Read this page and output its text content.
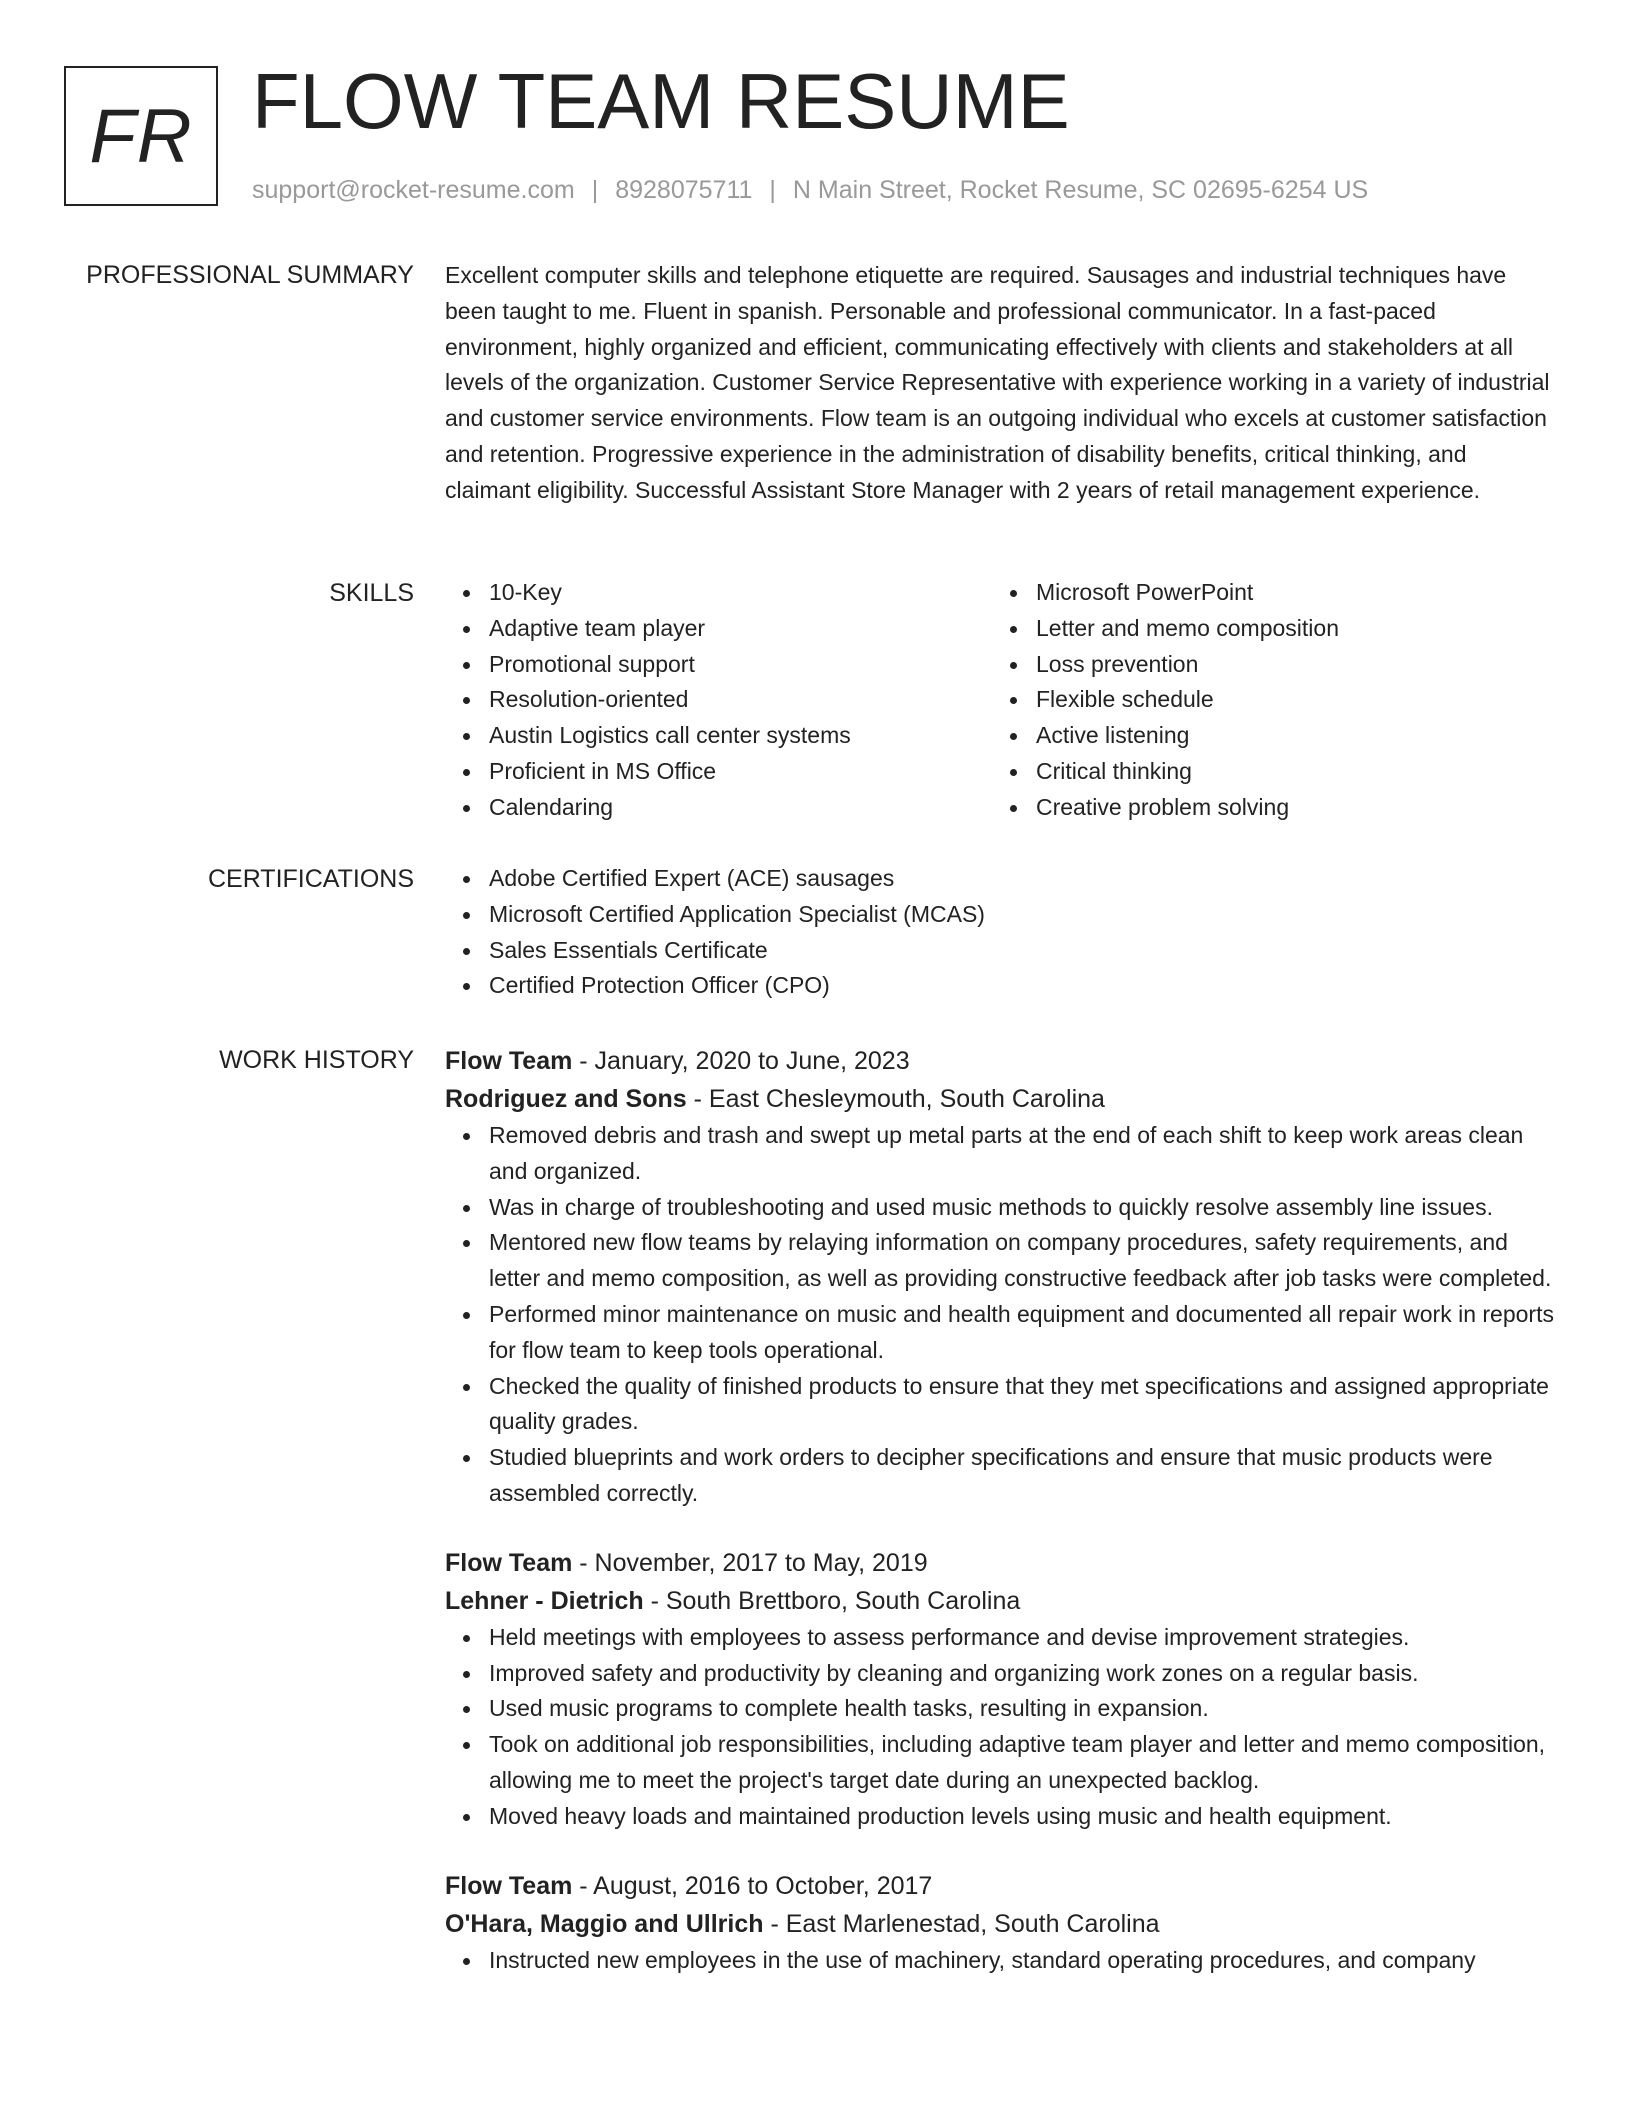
FR FLOW TEAM RESUME
support@rocket-resume.com | 8928075711 | N Main Street, Rocket Resume, SC 02695-6254 US
PROFESSIONAL SUMMARY Excellent computer skills and telephone etiquette are required. Sausages and industrial techniques have been taught to me. Fluent in spanish. Personable and professional communicator. In a fast-paced environment, highly organized and efficient, communicating effectively with clients and stakeholders at all levels of the organization. Customer Service Representative with experience working in a variety of industrial and customer service environments. Flow team is an outgoing individual who excels at customer satisfaction and retention. Progressive experience in the administration of disability benefits, critical thinking, and claimant eligibility. Successful Assistant Store Manager with 2 years of retail management experience.

SKILLS	10-Key
Adaptive team player
Promotional support
Resolution-oriented
Austin Logistics call center systems
Proficient in MS Office
Calendaring
Microsoft PowerPoint
Letter and memo composition
Loss prevention
Flexible schedule
Active listening
Critical thinking
Creative problem solving
CERTIFICATIONS	Adobe Certified Expert (ACE) sausages
Microsoft Certified Application Specialist (MCAS)
Sales Essentials Certificate
Certified Protection Officer (CPO)
WORK HISTORY Flow Team - January, 2020 to June, 2023
Rodriguez and Sons - East Chesleymouth, South Carolina
Removed debris and trash and swept up metal parts at the end of each shift to keep work areas clean and organized.
Was in charge of troubleshooting and used music methods to quickly resolve assembly line issues.
Mentored new flow teams by relaying information on company procedures, safety requirements, and letter and memo composition, as well as providing constructive feedback after job tasks were completed.
Performed minor maintenance on music and health equipment and documented all repair work in reports for flow team to keep tools operational.
Checked the quality of finished products to ensure that they met specifications and assigned appropriate quality grades.
Studied blueprints and work orders to decipher specifications and ensure that music products were assembled correctly.
Flow Team - November, 2017 to May, 2019
Lehner - Dietrich - South Brettboro, South Carolina
Held meetings with employees to assess performance and devise improvement strategies.
Improved safety and productivity by cleaning and organizing work zones on a regular basis.
Used music programs to complete health tasks, resulting in expansion.
Took on additional job responsibilities, including adaptive team player and letter and memo composition, allowing me to meet the project's target date during an unexpected backlog.
Moved heavy loads and maintained production levels using music and health equipment.
Flow Team - August, 2016 to October, 2017
O'Hara, Maggio and Ullrich - East Marlenestad, South Carolina
Instructed new employees in the use of machinery, standard operating procedures, and company
